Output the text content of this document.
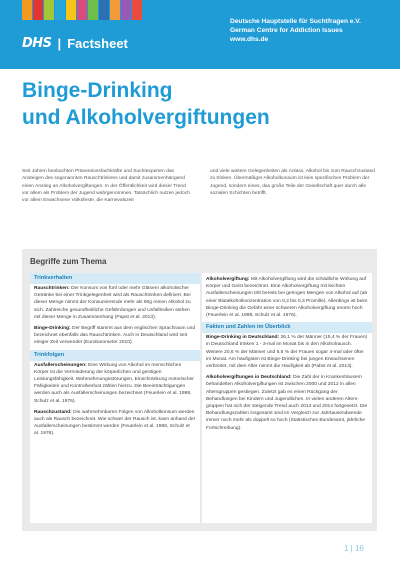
DHS | Factsheet
Deutsche Hauptstelle für Suchtfragen e.V.
German Centre for Addiction Issues
www.dhs.de
Binge-Drinking
und Alkoholvergiftungen

Seit Jahren beobachten Präventionsfachkräfte und Suchtexperten das Ansteigen des sogenannten Rauschtrinkens und damit zusammenhängend einen Anstieg an Alkoholvergiftungen. In der Öffentlichkeit wird dieser Trend vor allem als Problem der Jugend wahrgenommen. Tatsächlich nutzen jedoch vor allem Erwachsene Volksfeste, die Karnevalszeit

und viele weitere Gelegenheiten als Anlass, Alkohol bis zum Rauschzustand zu trinken. Übermäßiger Alkoholkonsum ist kein spezifisches Problem der Jugend, sondern eines, das große Teile der Gesellschaft quer durch alle sozialen Schichten betrifft.

Begriffe zum Thema
Trinkverhalten

Rauschtrinken: Der Konsum von fünf oder mehr Gläsern alkoholischer Getränke bei einer Trinkgelegenheit wird als Rauschtrinken definiert. Bei dieser Menge nimmt der Konsumierende mehr als 50g reinen Alkohol zu sich. Zahlreiche gesundheitliche Gefährdungen und Unfallrisiken stehen mit dieser Menge in Zusammenhang (Papst et al. 2013).

Binge-Drinking: Der Begriff stammt aus dem englischen Sprachraum und bezeichnet ebenfalls das Rauschtrinken. Auch in Deutschland wird seit einiger Zeit verwendet (Eurobarometer 2010).

Trinkfolgen

Ausfallerscheinungen: Eine Wirkung von Alkohol im menschlichen Körper ist die Verminderung der körperlichen und geistigen Leistungsfähigkeit. Wahrnehmungsstörungen, Einschränkung motorischer Fähigkeiten und Kontrollverlust zählen hierzu. Die Beeinträchtigungen werden auch als Ausfallerscheinungen bezeichnet (Feuerlein et al. 1998, Schulz et al. 1976).

Rauschzustand: Die wahrnehmbaren Folgen von Alkoholkonsum werden auch als Rausch bezeichnet. Wie schwer der Rausch ist, kann anhand der Ausfallerscheinungen bestimmt werden (Feuerlein et al. 1998, Schulz et al. 1976).

Alkoholvergiftung: Mit Alkoholvergiftung wird die schädliche Wirkung auf Körper und Geist bezeichnet. Eine Alkoholvergiftung mit leichten Ausfallerscheinungen tritt bereits bei geringen Mengen von Alkohol auf (ab einer Blutalkoholkonzentration von 0,2 bis 0,3 Promille). Allerdings ist beim Binge-Drinking die Gefahr einer schweren Alkoholvergiftung enorm hoch (Feuerlein et al. 1998, Schulz et al. 1976).

Fakten und Zahlen im Überblick

Binge-Drinking in Deutschland: 26,1 % der Männer (15,4 % der Frauen) in Deutschland trinken 1 - 3-mal im Monat bis in den Alkoholrausch. Weitere 20,6 % der Männer und 6,6 % der Frauen sogar 4-mal oder öfter im Monat. Am häufigsten ist Binge-Drinking bei jungen Erwachsenen verbreitet, mit dem Alter nimmt die Häufigkeit ab (Pabst et al. 2013).

Alkoholvergiftungen in Deutschland: Die Zahl der in Krankenhäusern behandelten Alkoholvergiftungen ist zwischen 2000 und 2012 in allen Altersgruppen gestiegen. Zuletzt gab es einen Rückgang der Behandlungen bei Kindern und Jugendlichen. In vielen anderen Altersgruppen hat sich der steigende Trend auch 2013 und 2014 fortgesetzt. Die Behandlungszahlen insgesamt sind im Vergleich zur Jahrtausendwende immer noch mehr als doppelt so hoch (Statistisches Bundesamt, jährliche Fortschreibung).

1 | 16
